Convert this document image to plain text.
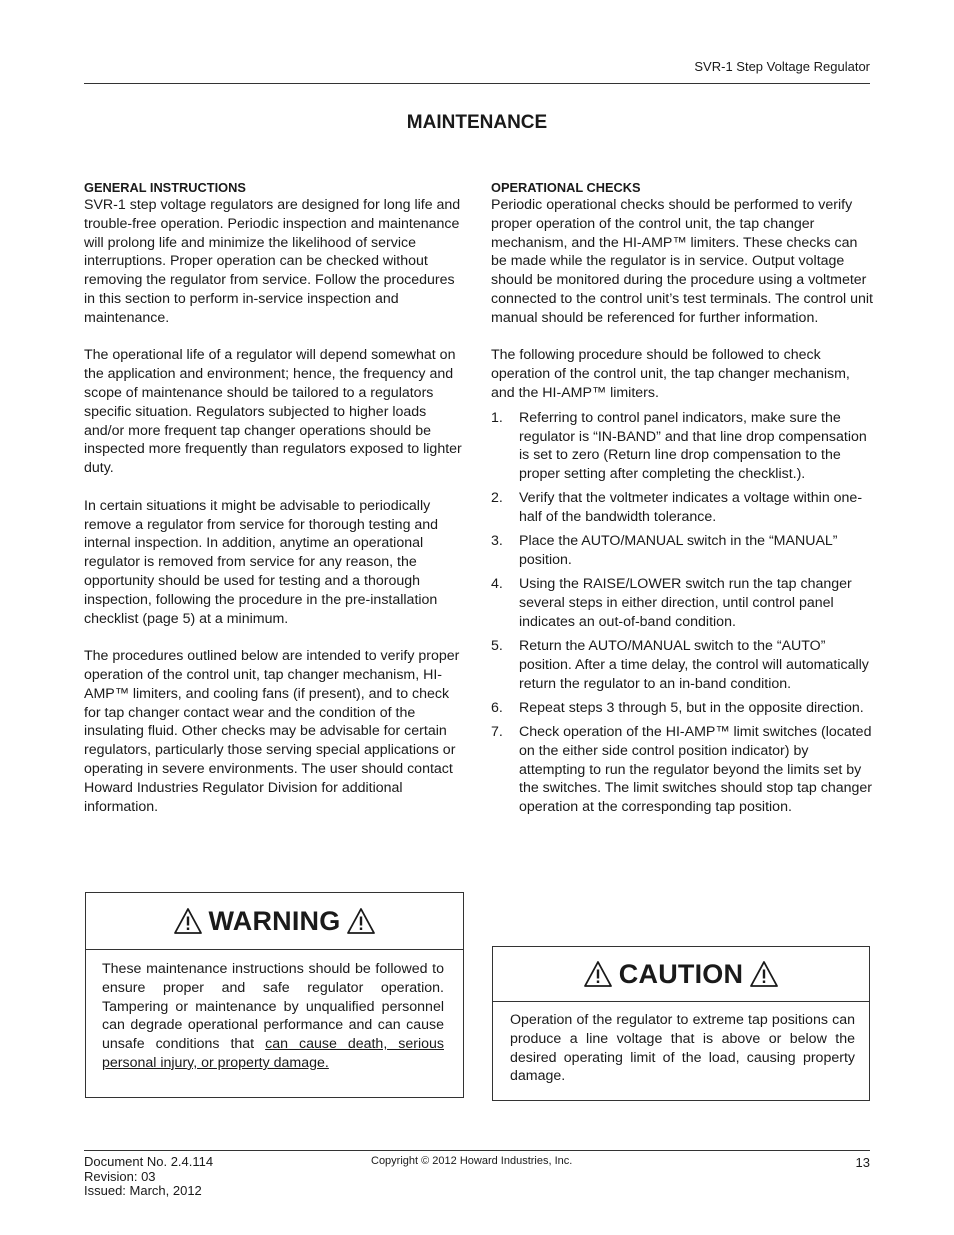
SVR-1 Step Voltage Regulator
MAINTENANCE
GENERAL INSTRUCTIONS

SVR-1 step voltage regulators are designed for long life and trouble-free operation. Periodic inspection and maintenance will prolong life and minimize the likelihood of service interruptions. Proper operation can be checked without removing the regulator from service. Follow the procedures in this section to perform in-service inspection and maintenance.

The operational life of a regulator will depend somewhat on the application and environment; hence, the frequency and scope of maintenance should be tailored to a regulators specific situation. Regulators subjected to higher loads and/or more frequent tap changer operations should be inspected more frequently than regulators exposed to lighter duty.

In certain situations it might be advisable to periodically remove a regulator from service for thorough testing and internal inspection. In addition, anytime an operational regulator is removed from service for any reason, the opportunity should be used for testing and a thorough inspection, following the procedure in the pre-installation checklist (page 5) at a minimum.

The procedures outlined below are intended to verify proper operation of the control unit, tap changer mechanism, HI-AMP™ limiters, and cooling fans (if present), and to check for tap changer contact wear and the condition of the insulating fluid. Other checks may be advisable for certain regulators, particularly those serving special applications or operating in severe environments. The user should contact Howard Industries Regulator Division for additional information.

OPERATIONAL CHECKS

Periodic operational checks should be performed to verify proper operation of the control unit, the tap changer mechanism, and the HI-AMP™ limiters. These checks can be made while the regulator is in service. Output voltage should be monitored during the procedure using a voltmeter connected to the control unit’s test terminals. The control unit manual should be referenced for further information.

The following procedure should be followed to check operation of the control unit, the tap changer mechanism, and the HI-AMP™ limiters.

1. Referring to control panel indicators, make sure the regulator is “IN-BAND” and that line drop compensation is set to zero (Return line drop compensation to the proper setting after completing the checklist.).
2. Verify that the voltmeter indicates a voltage within one-half of the bandwidth tolerance.
3. Place the AUTO/MANUAL switch in the “MANUAL” position.
4. Using the RAISE/LOWER switch run the tap changer several steps in either direction, until control panel indicates an out-of-band condition.
5. Return the AUTO/MANUAL switch to the “AUTO” position. After a time delay, the control will automatically return the regulator to an in-band condition.
6. Repeat steps 3 through 5, but in the opposite direction.
7. Check operation of the HI-AMP™ limit switches (located on the either side control position indicator) by attempting to run the regulator beyond the limits set by the switches. The limit switches should stop tap changer operation at the corresponding tap position.
WARNING
These maintenance instructions should be followed to ensure proper and safe regulator operation. Tampering or maintenance by unqualified personnel can degrade operational performance and can cause unsafe conditions that can cause death, serious personal injury, or property damage.
CAUTION
Operation of the regulator to extreme tap positions can produce a line voltage that is above or below the desired operating limit of the load, causing property damage.
Document No. 2.4.114
Revision: 03
Issued: March, 2012
Copyright © 2012 Howard Industries, Inc.	13
